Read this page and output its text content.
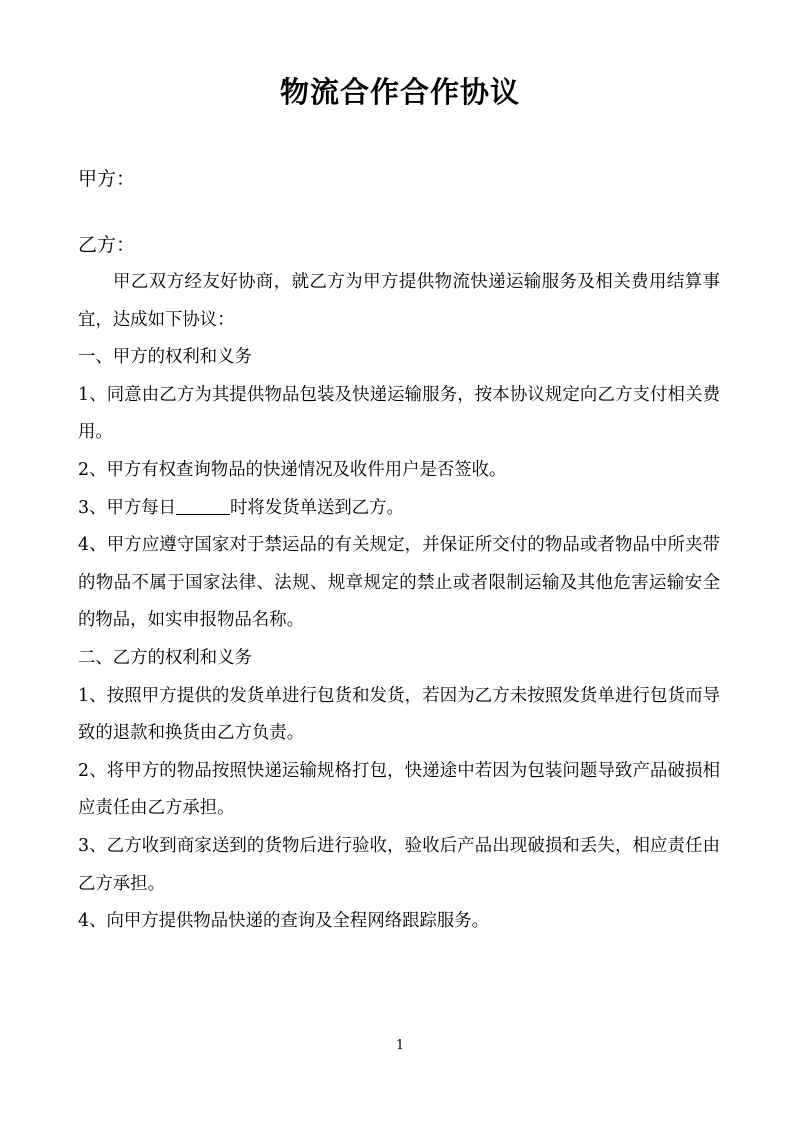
物流合作合作协议

甲方：

乙方：

甲乙双方经友好协商，就乙方为甲方提供物流快递运输服务及相关费用结算事宜，达成如下协议：

一、甲方的权利和义务

1、同意由乙方为其提供物品包装及快递运输服务，按本协议规定向乙方支付相关费用。

2、甲方有权查询物品的快递情况及收件用户是否签收。

3、甲方每日	时将发货单送到乙方。

4、甲方应遵守国家对于禁运品的有关规定，并保证所交付的物品或者物品中所夹带的物品不属于国家法律、法规、规章规定的禁止或者限制运输及其他危害运输安全的物品，如实申报物品名称。

二、乙方的权利和义务

1、按照甲方提供的发货单进行包货和发货，若因为乙方未按照发货单进行包货而导致的退款和换货由乙方负责。

2、将甲方的物品按照快递运输规格打包，快递途中若因为包装问题导致产品破损相应责任由乙方承担。

3、乙方收到商家送到的货物后进行验收，验收后产品出现破损和丢失，相应责任由乙方承担。

4、向甲方提供物品快递的查询及全程网络跟踪服务。

1
